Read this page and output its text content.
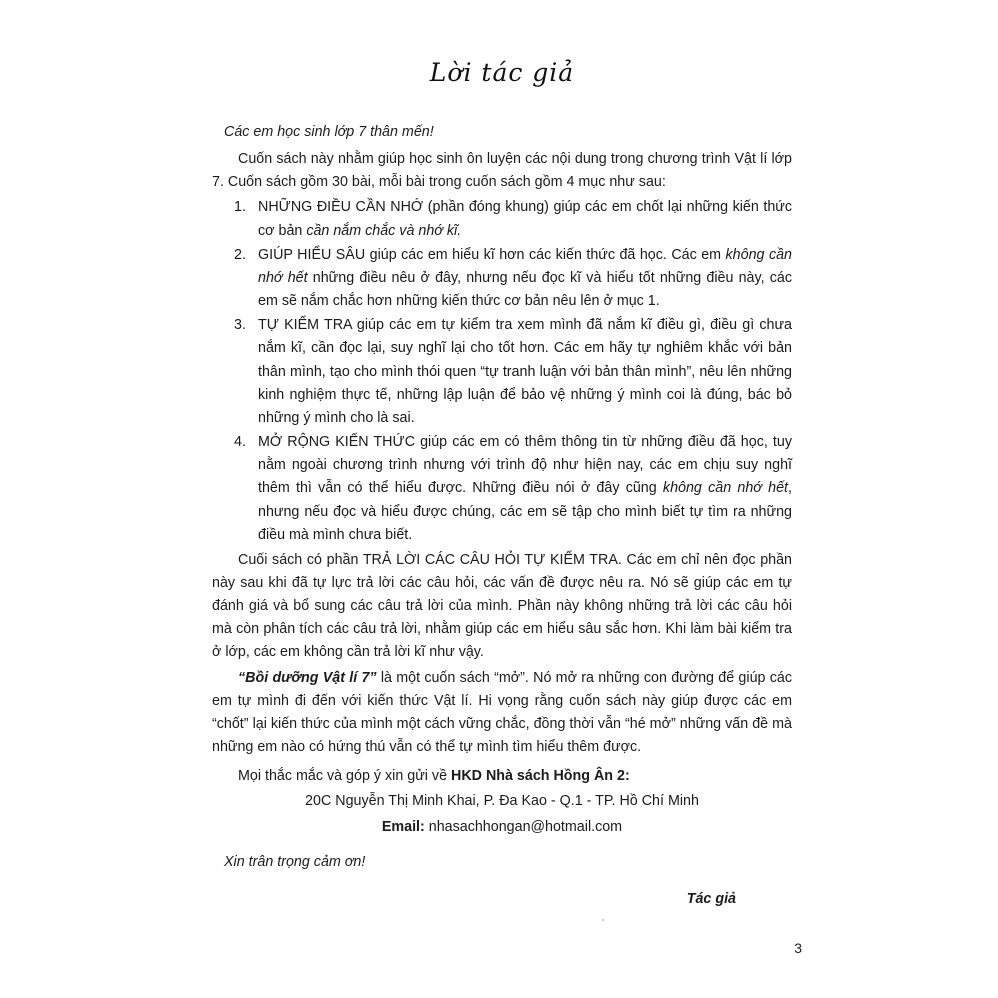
Lời tác giả

Các em học sinh lớp 7 thân mến!

Cuốn sách này nhằm giúp học sinh ôn luyện các nội dung trong chương trình Vật lí lớp 7. Cuốn sách gồm 30 bài, mỗi bài trong cuốn sách gồm 4 mục như sau:

NHỮNG ĐIỀU CẦN NHỚ (phần đóng khung) giúp các em chốt lại những kiến thức cơ bản cần nắm chắc và nhớ kĩ.
GIÚP HIỂU SÂU giúp các em hiểu kĩ hơn các kiến thức đã học. Các em không cần nhớ hết những điều nêu ở đây, nhưng nếu đọc kĩ và hiểu tốt những điều này, các em sẽ nắm chắc hơn những kiến thức cơ bản nêu lên ở mục 1.
TỰ KIỂM TRA giúp các em tự kiểm tra xem mình đã nắm kĩ điều gì, điều gì chưa nắm kĩ, cần đọc lại, suy nghĩ lại cho tốt hơn. Các em hãy tự nghiêm khắc với bản thân mình, tạo cho mình thói quen “tự tranh luận với bản thân mình”, nêu lên những kinh nghiệm thực tế, những lập luận để bảo vệ những ý mình coi là đúng, bác bỏ những ý mình cho là sai.
MỞ RỘNG KIẾN THỨC giúp các em có thêm thông tin từ những điều đã học, tuy nằm ngoài chương trình nhưng với trình độ như hiện nay, các em chịu suy nghĩ thêm thì vẫn có thể hiểu được. Những điều nói ở đây cũng không cần nhớ hết, nhưng nếu đọc và hiểu được chúng, các em sẽ tập cho mình biết tự tìm ra những điều mà mình chưa biết.

Cuối sách có phần TRẢ LỜI CÁC CÂU HỎI TỰ KIỂM TRA. Các em chỉ nên đọc phần này sau khi đã tự lực trả lời các câu hỏi, các vấn đề được nêu ra. Nó sẽ giúp các em tự đánh giá và bổ sung các câu trả lời của mình. Phần này không những trả lời các câu hỏi mà còn phân tích các câu trả lời, nhằm giúp các em hiểu sâu sắc hơn. Khi làm bài kiểm tra ở lớp, các em không cần trả lời kĩ như vậy.

“Bồi dưỡng Vật lí 7” là một cuốn sách “mở”. Nó mở ra những con đường để giúp các em tự mình đi đến với kiến thức Vật lí. Hi vọng rằng cuốn sách này giúp được các em “chốt” lại kiến thức của mình một cách vững chắc, đồng thời vẫn “hé mở” những vấn đề mà những em nào có hứng thú vẫn có thể tự mình tìm hiểu thêm được.

Mọi thắc mắc và góp ý xin gửi về HKD Nhà sách Hồng Ân 2:

20C Nguyễn Thị Minh Khai, P. Đa Kao - Q.1 - TP. Hồ Chí Minh

Email: nhasachhongan@hotmail.com

Xin trân trọng cảm ơn!

Tác giả

3
